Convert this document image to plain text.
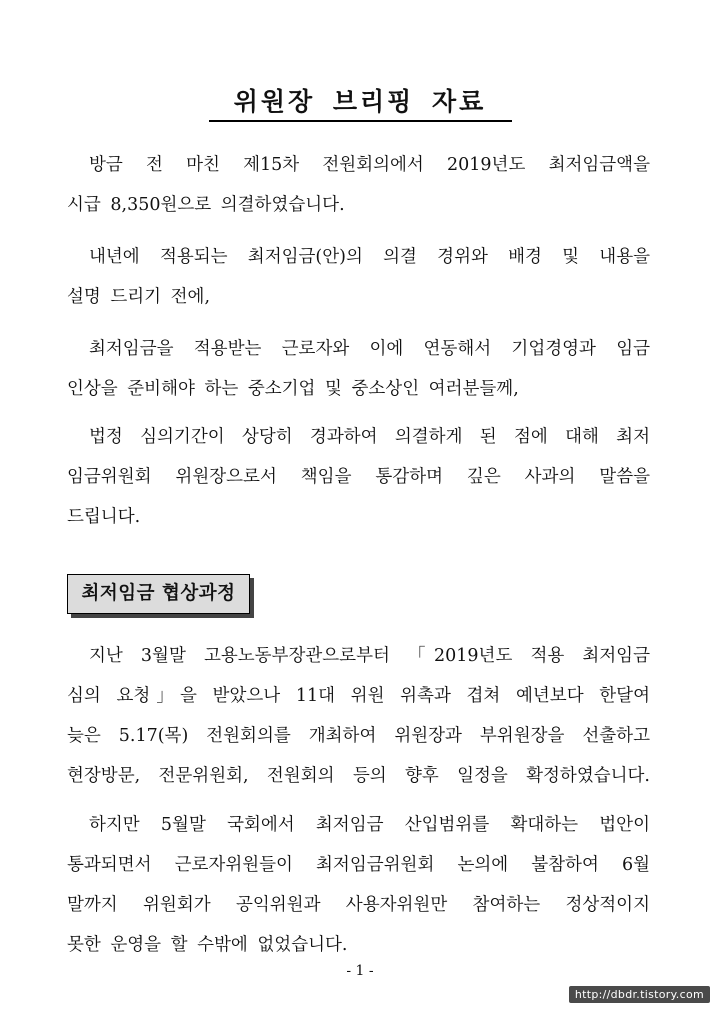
위원장 브리핑 자료

방금 전 마친 제15차 전원회의에서 2019년도 최저임금액을
시급 8,350원으로 의결하였습니다.

내년에 적용되는 최저임금(안)의 의결 경위와 배경 및 내용을
설명 드리기 전에,

최저임금을 적용받는 근로자와 이에 연동해서 기업경영과 임금
인상을 준비해야 하는 중소기업 및 중소상인 여러분들께,

법정 심의기간이 상당히 경과하여 의결하게 된 점에 대해 최저
임금위원회 위원장으로서 책임을 통감하며 깊은 사과의 말씀을
드립니다.

최저임금 협상과정

지난 3월말 고용노동부장관으로부터 「2019년도 적용 최저임금
심의 요청」을 받았으나 11대 위원 위촉과 겹쳐 예년보다 한달여
늦은 5.17(목) 전원회의를 개최하여 위원장과 부위원장을 선출하고
현장방문, 전문위원회, 전원회의 등의 향후 일정을 확정하였습니다.

하지만 5월말 국회에서 최저임금 산입범위를 확대하는 법안이
통과되면서 근로자위원들이 최저임금위원회 논의에 불참하여 6월
말까지 위원회가 공익위원과 사용자위원만 참여하는 정상적이지
못한 운영을 할 수밖에 없었습니다.

- 1 -
http://dbdr.tistory.com
